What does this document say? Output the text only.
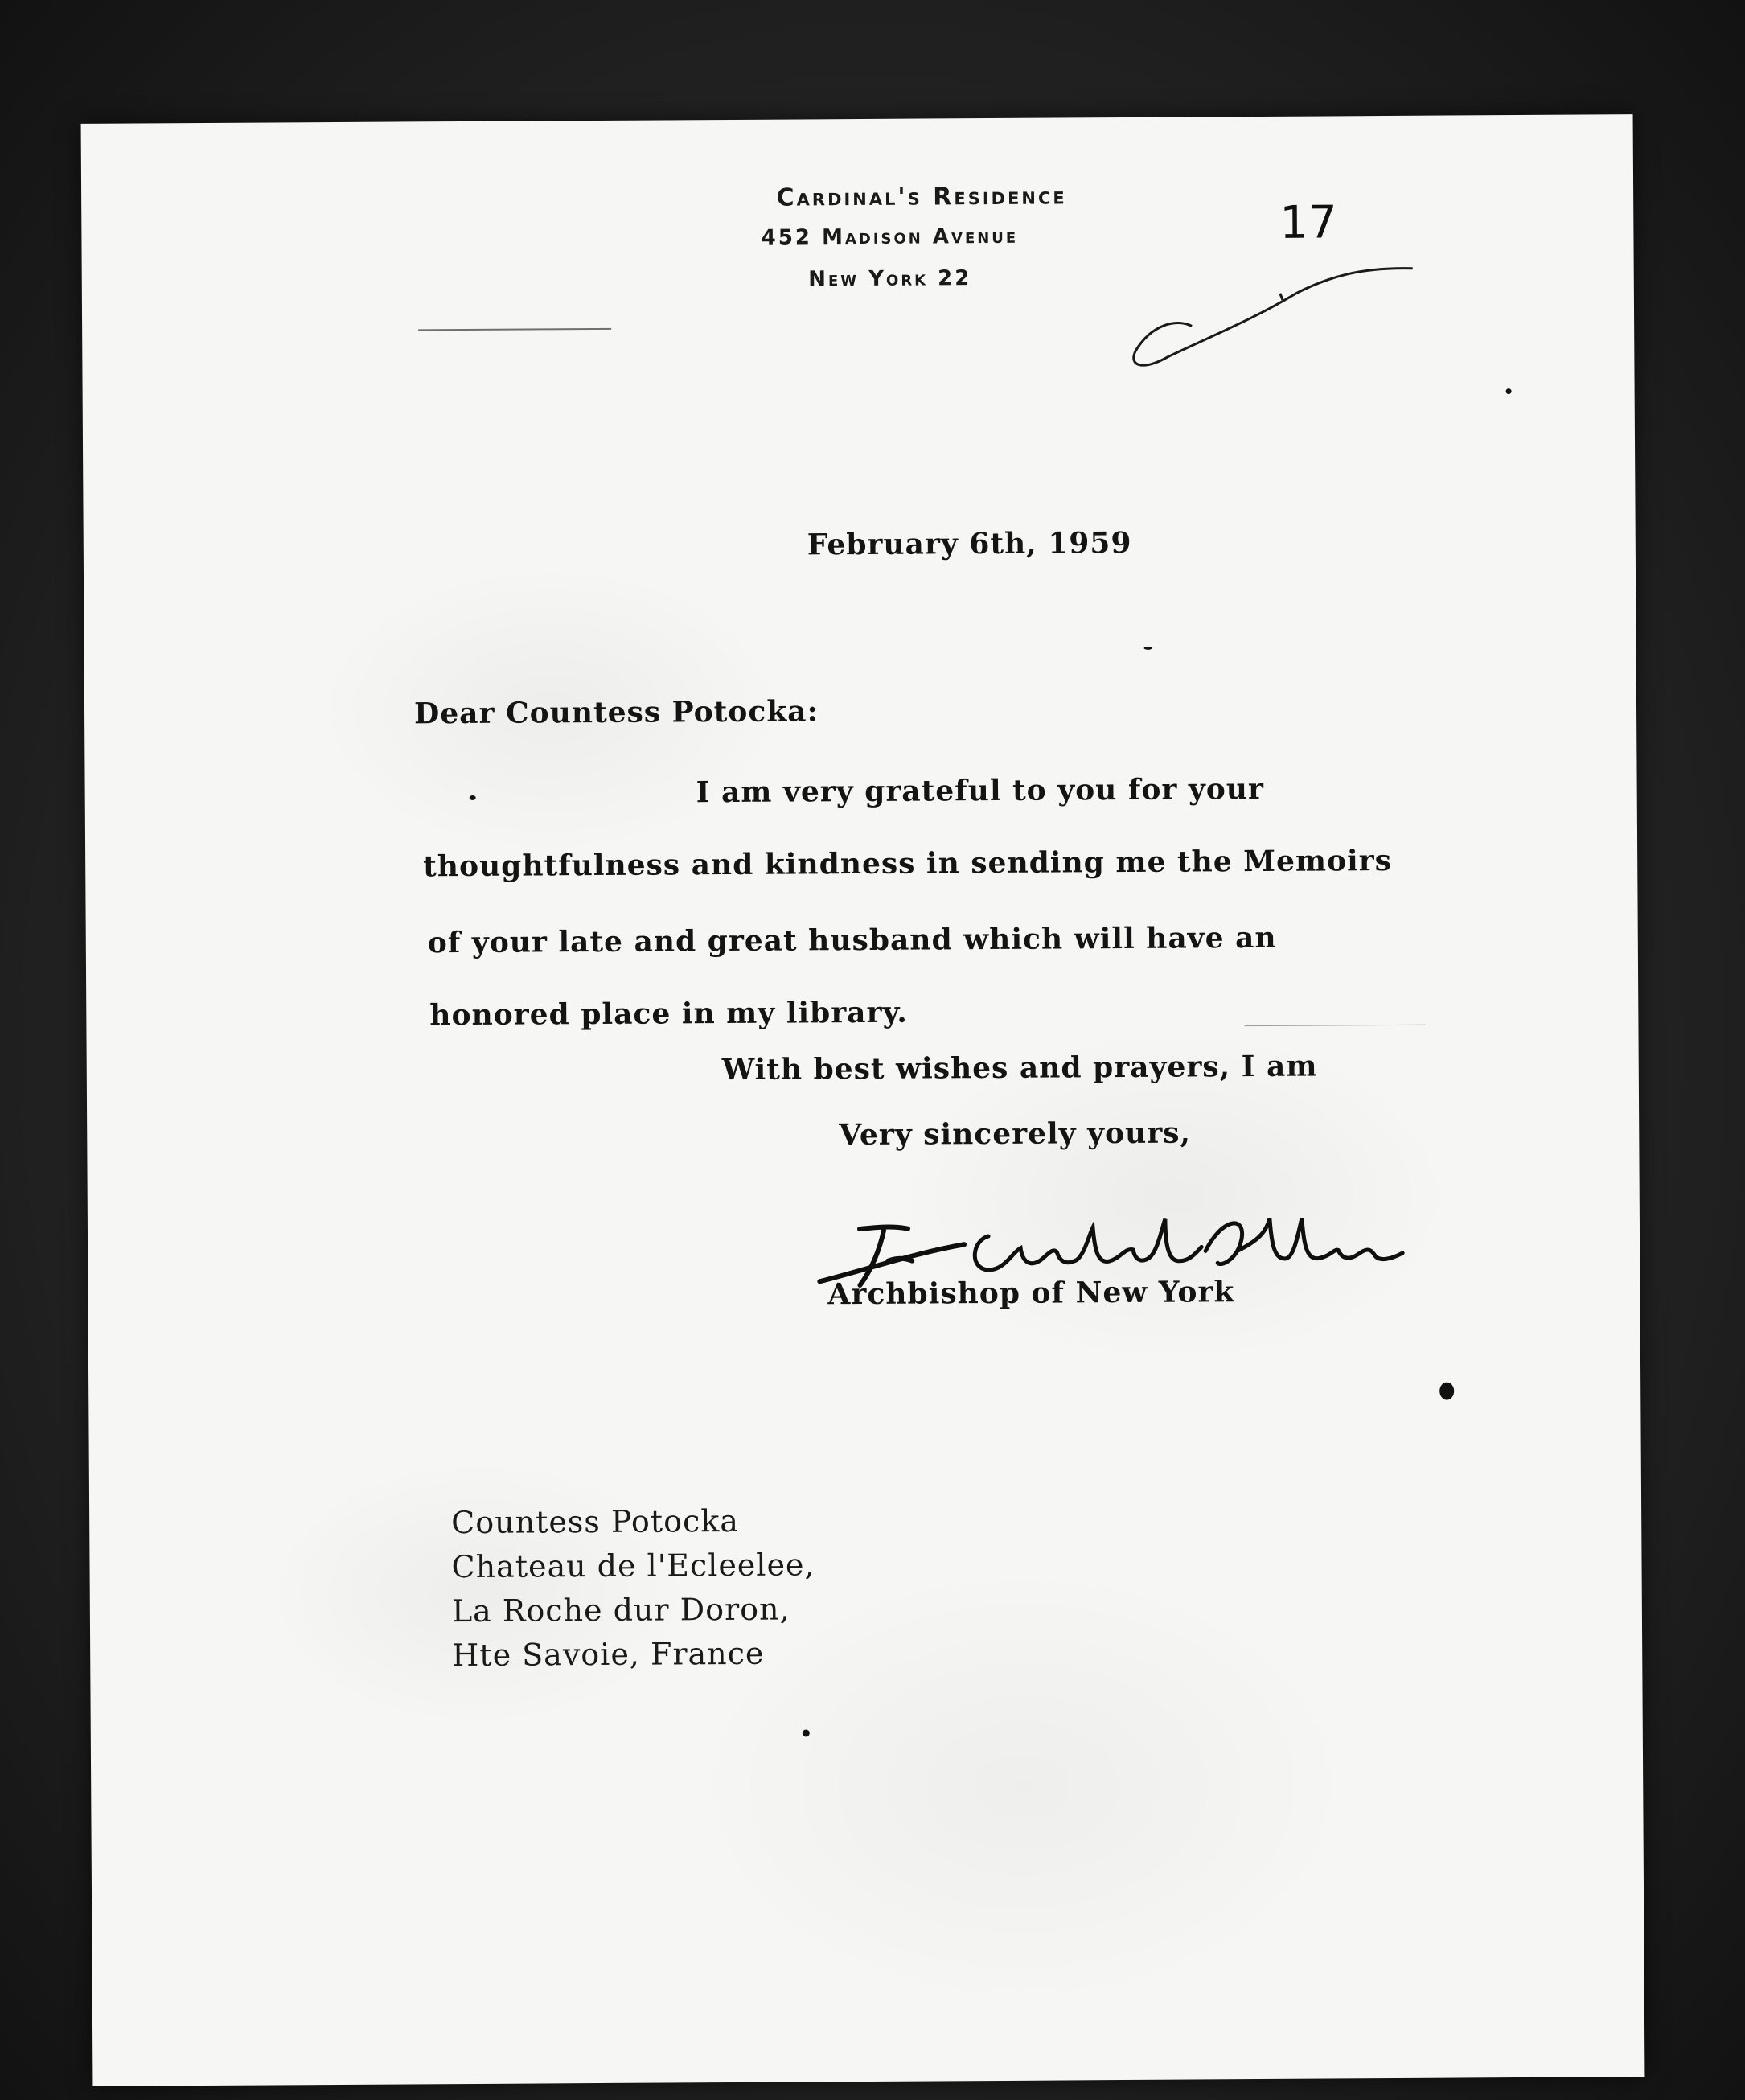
Cardinal's Residence
452 Madison Avenue
New York 22
17
February 6th, 1959
Dear Countess Potocka:
I am very grateful to you for your
thoughtfulness and kindness in sending me the Memoirs
of your late and great husband which will have an
honored place in my library.
With best wishes and prayers, I am
Very sincerely yours,
Archbishop of New York
Countess Potocka
Chateau de l'Ecleelee,
La Roche dur Doron,
Hte Savoie, France
